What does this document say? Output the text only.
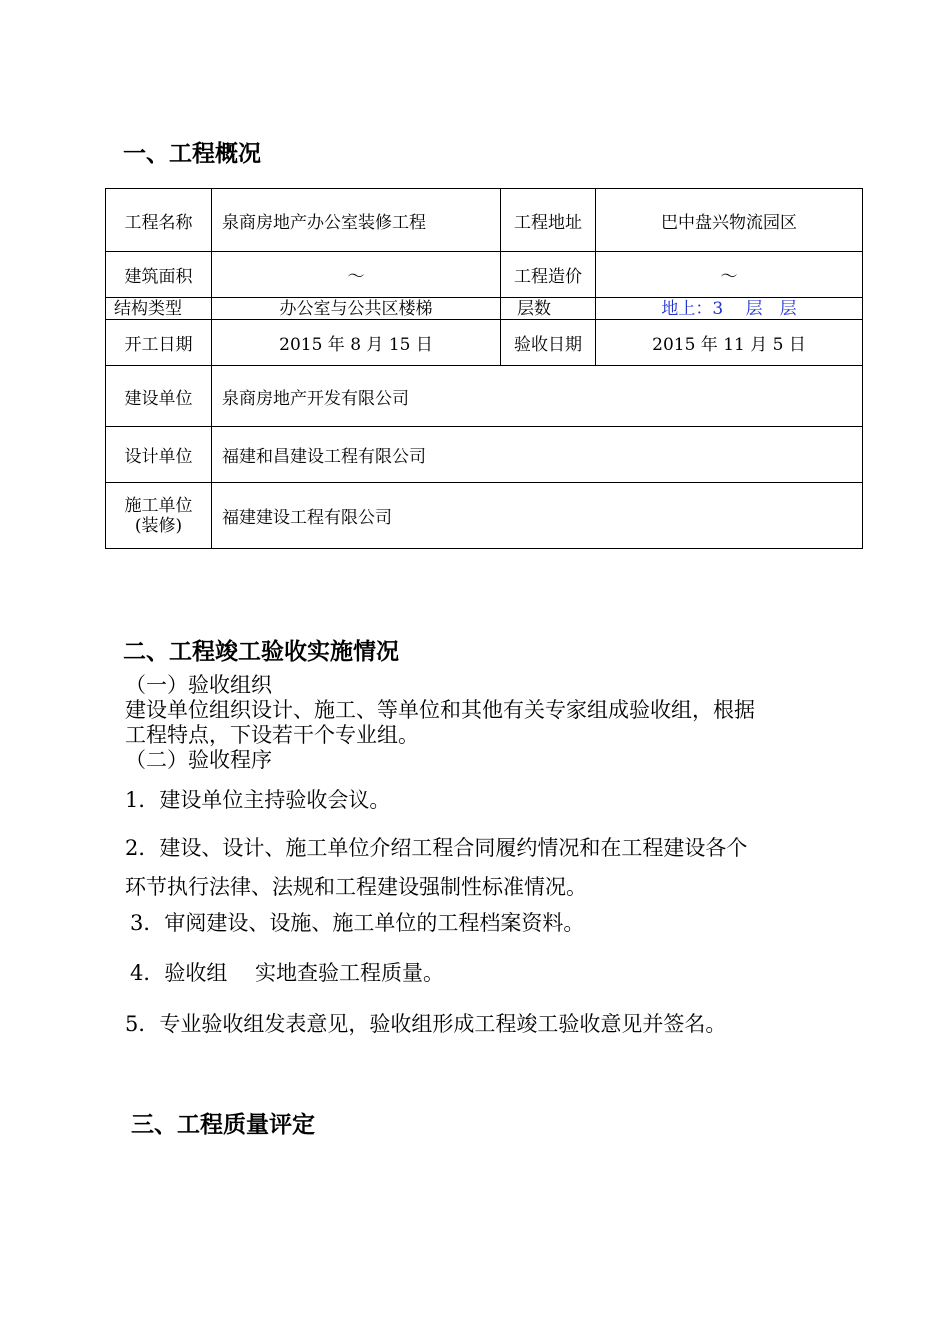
一、工程概况
工程名称	泉商房地产办公室装修工程	工程地址	巴中盘兴物流园区
建筑面积	～	工程造价	～
结构类型	办公室与公共区楼梯	层数	地上：3　 层　层
开工日期	2015 年 8 月 15 日	验收日期	2015 年 11 月 5 日
建设单位	泉商房地产开发有限公司		
设计单位	福建和昌建设工程有限公司		

施工单位
(装修)	福建建设工程有限公司		
二、工程竣工验收实施情况
（一）验收组织
建设单位组织设计、施工、等单位和其他有关专家组成验收组，根据
工程特点，下设若干个专业组。
（二）验收程序
1．建设单位主持验收会议。
2．建设、设计、施工单位介绍工程合同履约情况和在工程建设各个
环节执行法律、法规和工程建设强制性标准情况。
3．审阅建设、设施、施工单位的工程档案资料。
4．验收组　 实地查验工程质量。
5．专业验收组发表意见，验收组形成工程竣工验收意见并签名。
三、工程质量评定
